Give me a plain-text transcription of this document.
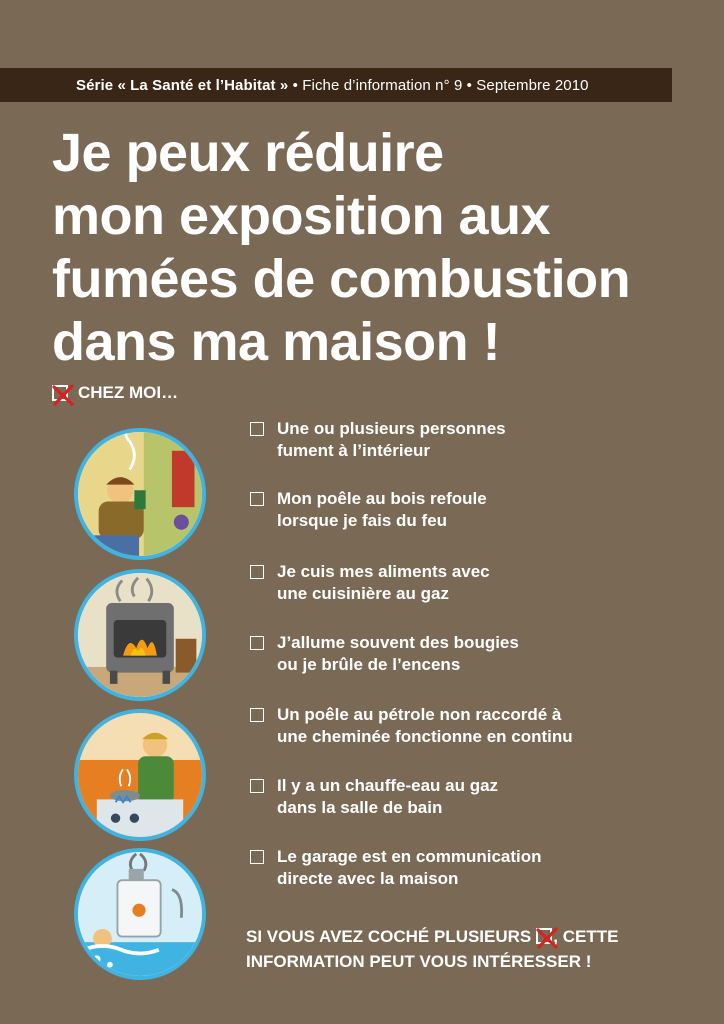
Série « La Santé et l’Habitat » • Fiche d’information n° 9 • Septembre 2010
Je peux réduire
mon exposition aux
fumées de combustion
dans ma maison !
CHEZ MOI…
Une ou plusieurs personnes
fument à l’intérieur
Mon poêle au bois refoule
lorsque je fais du feu
Je cuis mes aliments avec
une cuisinière au gaz
J’allume souvent des bougies
ou je brûle de l’encens
Un poêle au pétrole non raccordé à
une cheminée fonctionne en continu
Il y a un chauffe-eau au gaz
dans la salle de bain
Le garage est en communication
directe avec la maison
SI VOUS AVEZ COCHÉ PLUSIEURS , CETTE
INFORMATION PEUT VOUS INTÉRESSER !
